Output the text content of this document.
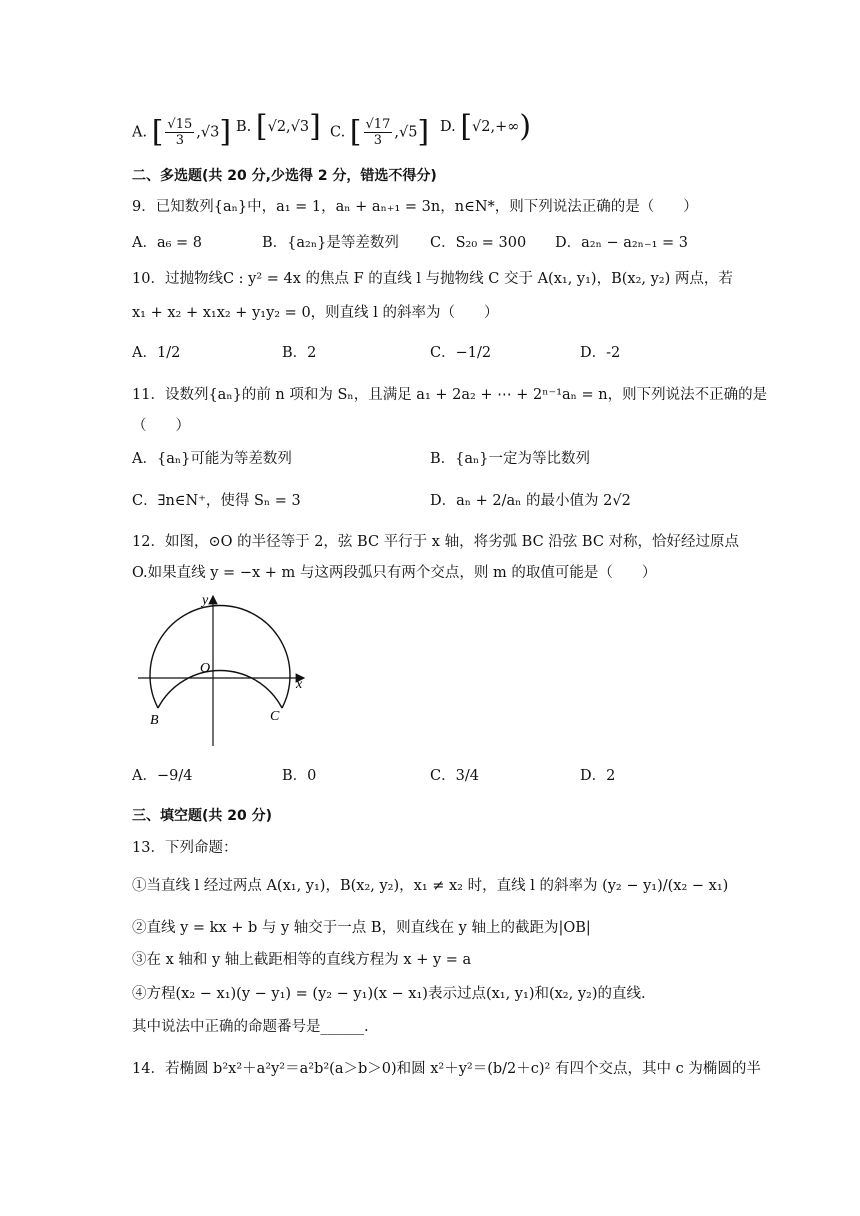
A. [ $\frac{√15}{3} ,√3$] B. [√2,√3] C. [ $\frac{√17}{3} ,√5$] D. [√2,+∞)
二、多选题(共 20 分,少选得 2 分，错选不得分)
9．已知数列{aₙ}中，a₁ = 1，aₙ + aₙ₊₁ = 3n，n∈N*，则下列说法正确的是（　　）
A．a₆ = 8	B．{a₂ₙ}是等差数列 C．S₂₀ = 300 D．a₂ₙ − a₂ₙ₋₁ = 3
10．过抛物线C : y² = 4x 的焦点 F 的直线 l 与抛物线 C 交于 A(x₁, y₁)，B(x₂, y₂) 两点，若
x₁ + x₂ + x₁x₂ + y₁y₂ = 0，则直线 l 的斜率为（　　）
A．1/2	B．2	C．−1/2	D．-2
11．设数列{aₙ}的前 n 项和为 Sₙ，且满足 a₁ + 2a₂ + ⋯ + 2ⁿ⁻¹aₙ = n，则下列说法不正确的是
（　　）
A．{aₙ}可能为等差数列	B．{aₙ}一定为等比数列
C．∃n∈N⁺，使得 Sₙ = 3	D．aₙ + 2/aₙ 的最小值为 2√2
12．如图，⊙O 的半径等于 2，弦 BC 平行于 x 轴，将劣弧 BC 沿弦 BC 对称，恰好经过原点
O.如果直线 y = −x + m 与这两段弧只有两个交点，则 m 的取值可能是（　　）
y
x
O
B	C
A．−9/4	B．0	C．3/4	D．2
三、填空题(共 20 分)
13．下列命题：
①当直线 l 经过两点 A(x₁, y₁)，B(x₂, y₂)，x₁ ≠ x₂ 时，直线 l 的斜率为 (y₂ − y₁)/(x₂ − x₁)
②直线 y = kx + b 与 y 轴交于一点 B，则直线在 y 轴上的截距为|OB|
③在 x 轴和 y 轴上截距相等的直线方程为 x + y = a
④方程(x₂ − x₁)(y − y₁) = (y₂ − y₁)(x − x₁)表示过点(x₁, y₁)和(x₂, y₂)的直线.
其中说法中正确的命题番号是______.
14．若椭圆 b²x²＋a²y²＝a²b²(a＞b＞0)和圆 x²＋y²＝(b/2＋c)² 有四个交点，其中 c 为椭圆的半
